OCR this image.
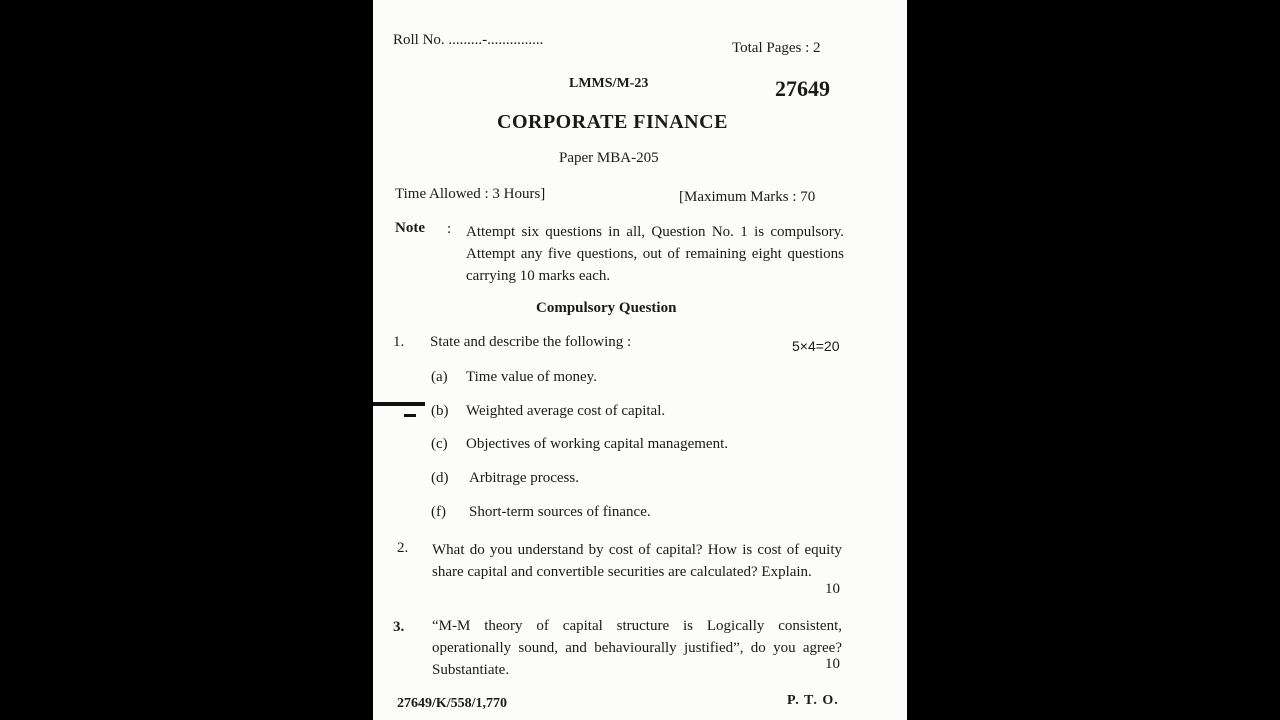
Roll No. .........-...............	Total Pages : 2
LMMS/M-23	27649
CORPORATE FINANCE
Paper MBA-205
Time Allowed : 3 Hours]	[Maximum Marks : 70
Note : Attempt six questions in all, Question No. 1 is compulsory. Attempt any five questions, out of remaining eight questions carrying 10 marks each.
Compulsory Question
1. State and describe the following :	5×4=20
(a) Time value of money.
(b) Weighted average cost of capital.
(c) Objectives of working capital management.
(d) Arbitrage process.
(f) Short-term sources of finance.
2. What do you understand by cost of capital? How is cost of equity share capital and convertible securities are calculated? Explain.
10
3. “M-M theory of capital structure is Logically consistent, operationally sound, and behaviourally justified”, do you agree? Substantiate.	10
27649/K/558/1,770	P. T. O.
